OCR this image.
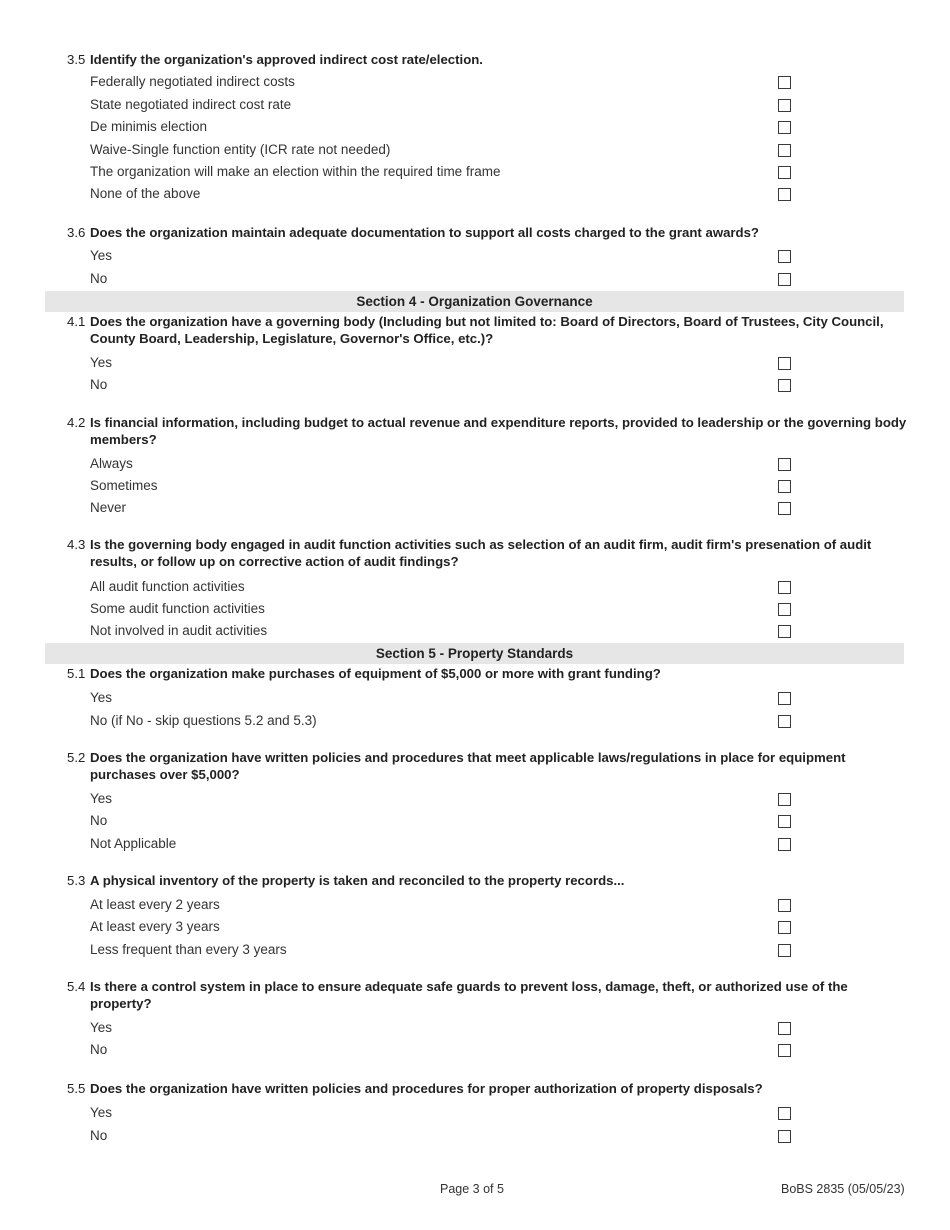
3.5 Identify the organization's approved indirect cost rate/election.
Federally negotiated indirect costs
State negotiated indirect cost rate
De minimis election
Waive-Single function entity (ICR rate not needed)
The organization will make an election within the required time frame
None of the above
3.6 Does the organization maintain adequate documentation to support all costs charged to the grant awards?
Yes
No
Section 4 - Organization Governance
4.1 Does the organization have a governing body (Including but not limited to: Board of Directors, Board of Trustees, City Council, County Board, Leadership, Legislature, Governor's Office, etc.)?
Yes
No
4.2 Is financial information, including budget to actual revenue and expenditure reports, provided to leadership or the governing body members?
Always
Sometimes
Never
4.3 Is the governing body engaged in audit function activities such as selection of an audit firm, audit firm's presenation of audit results, or follow up on corrective action of audit findings?
All audit function activities
Some audit function activities
Not involved in audit activities
Section 5 - Property Standards
5.1 Does the organization make purchases of equipment of $5,000 or more with grant funding?
Yes
No (if No - skip questions 5.2 and 5.3)
5.2 Does the organization have written policies and procedures that meet applicable laws/regulations in place for equipment purchases over $5,000?
Yes
No
Not Applicable
5.3 A physical inventory of the property is taken and reconciled to the property records...
At least every 2 years
At least every 3 years
Less frequent than every 3 years
5.4 Is there a control system in place to ensure adequate safe guards to prevent loss, damage, theft, or authorized use of the property?
Yes
No
5.5 Does the organization have written policies and procedures for proper authorization of property disposals?
Yes
No
Page 3 of 5	BoBS 2835 (05/05/23)
